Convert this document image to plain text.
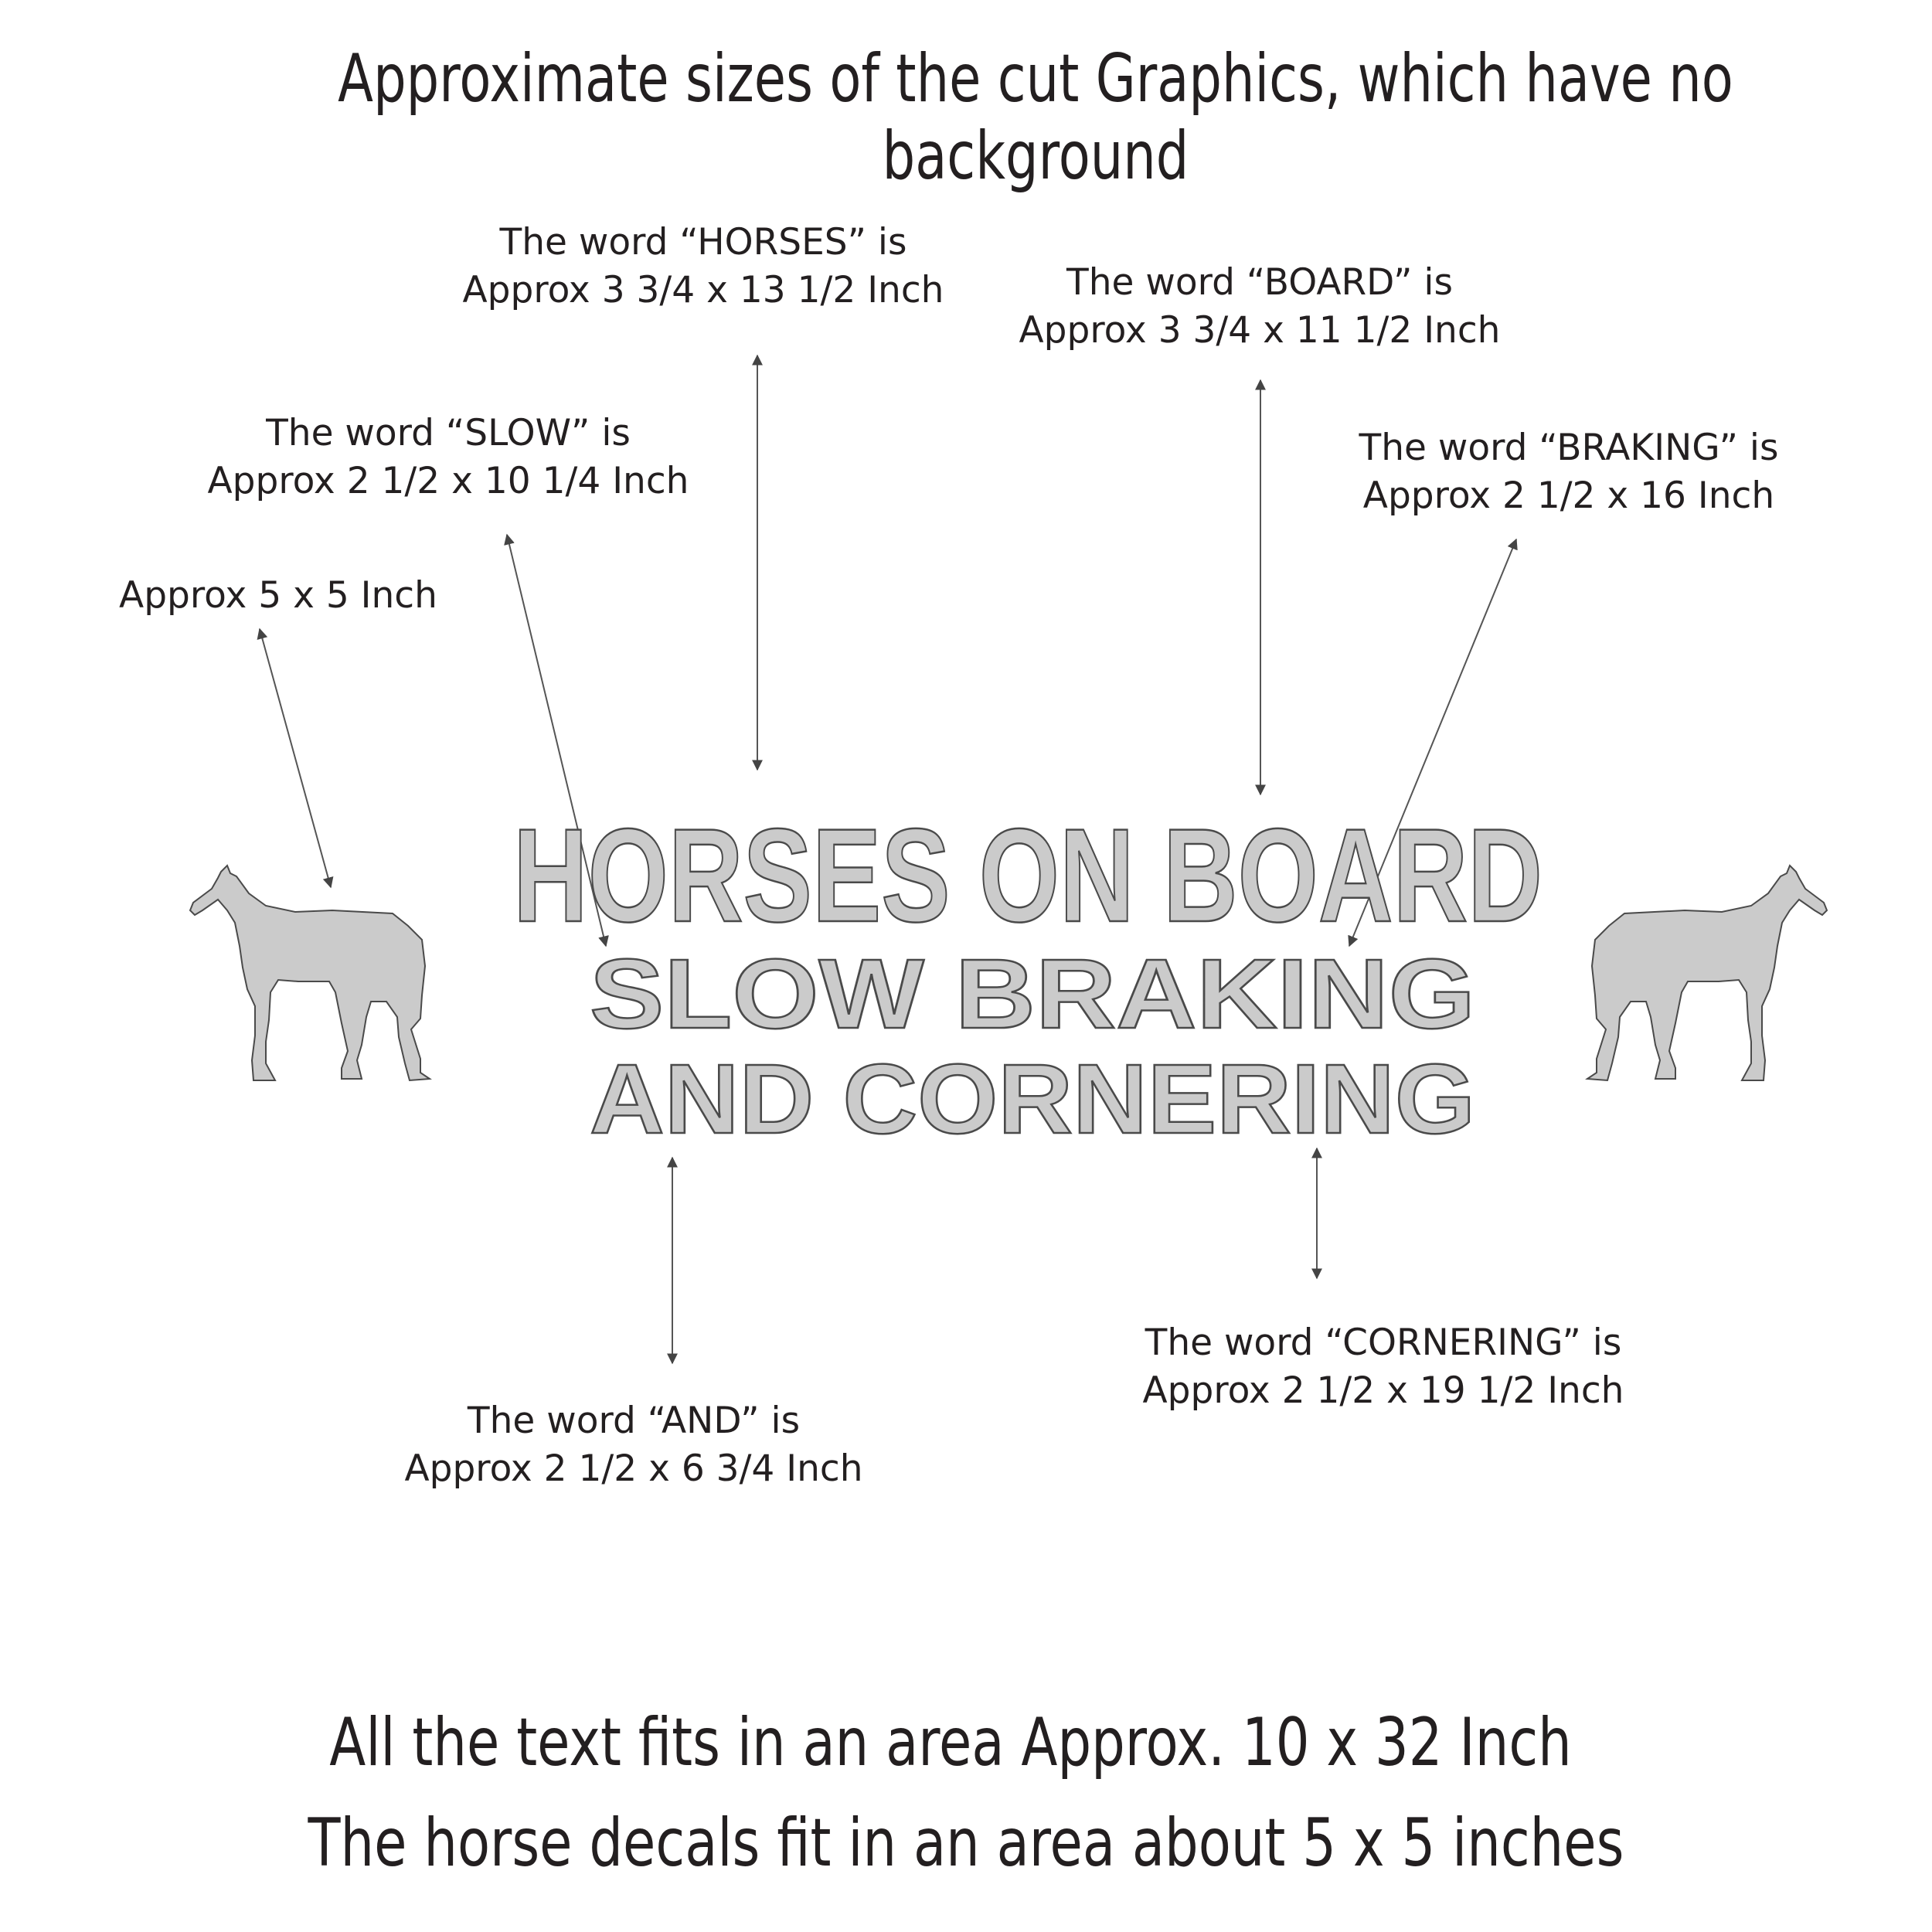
Approximate sizes of the cut Graphics, which have no background
The word “HORSES” is
Approx 3 3/4 x 13 1/2 Inch	The word “BOARD” is
Approx 3 3/4 x 11 1/2 Inch
The word “SLOW” is
Approx 2 1/2 x 10 1/4 Inch
The word “BRAKING” is
Approx 2 1/2 x 16 Inch
Approx 5 x 5 Inch
The word “AND” is
Approx 2 1/2 x 6 3/4 Inch
The word “CORNERING” is
Approx 2 1/2 x 19 1/2 Inch
HORSES ON BOARD
SLOW BRAKING
AND CORNERING
All the text fits in an area Approx. 10 x 32 Inch
The horse decals fit in an area about 5 x 5 inches
